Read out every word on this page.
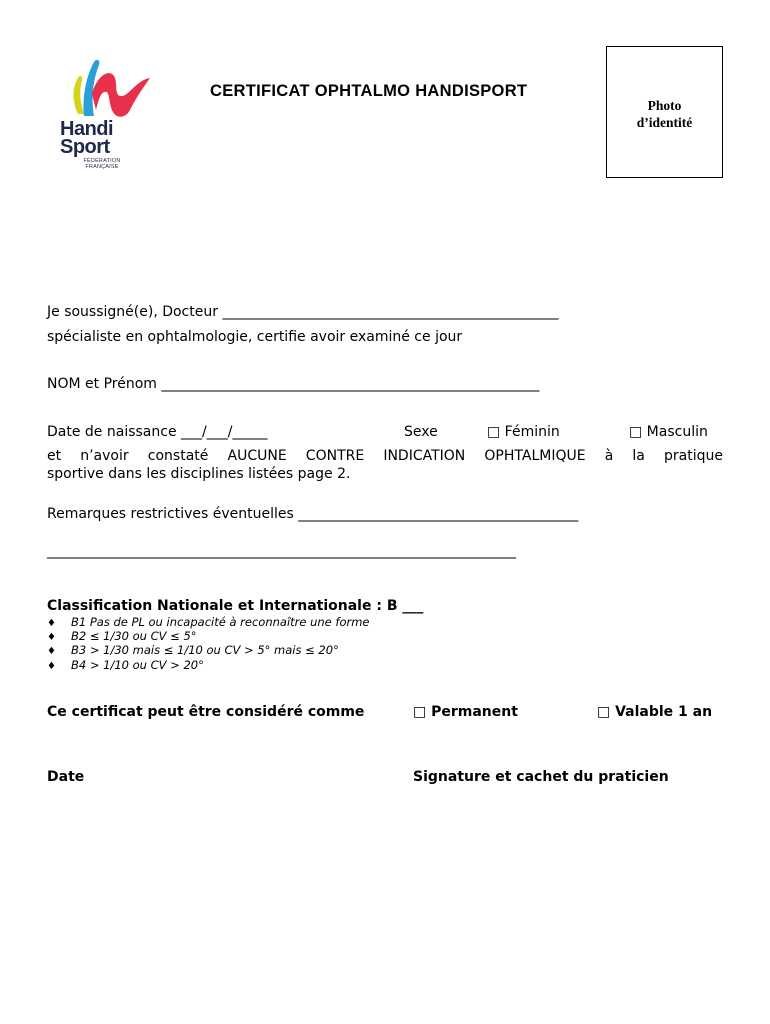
Handi
Sport
FÉDÉRATION
FRANÇAISE
CERTIFICAT OPHTALMO HANDISPORT
Photo
d’identité
Je soussigné(e), Docteur ________________________________________________
spécialiste en ophtalmologie, certifie avoir examiné ce jour
NOM et Prénom ______________________________________________________
Date de naissance ___/___/_____	Sexe	□ Féminin	□ Masculin
et n’avoir constaté AUCUNE CONTRE INDICATION OPHTALMIQUE à la pratique
sportive dans les disciplines listées page 2.
Remarques restrictives éventuelles ________________________________________
___________________________________________________________________
Classification Nationale et Internationale : B ___
♦ B1 Pas de PL ou incapacité à reconnaître une forme
♦ B2 ≤ 1/30 ou CV ≤ 5°
♦ B3 > 1/30 mais ≤ 1/10 ou CV > 5° mais ≤ 20°
♦ B4 > 1/10 ou CV > 20°
Ce certificat peut être considéré comme	□ Permanent	□ Valable 1 an
Date	Signature et cachet du praticien
